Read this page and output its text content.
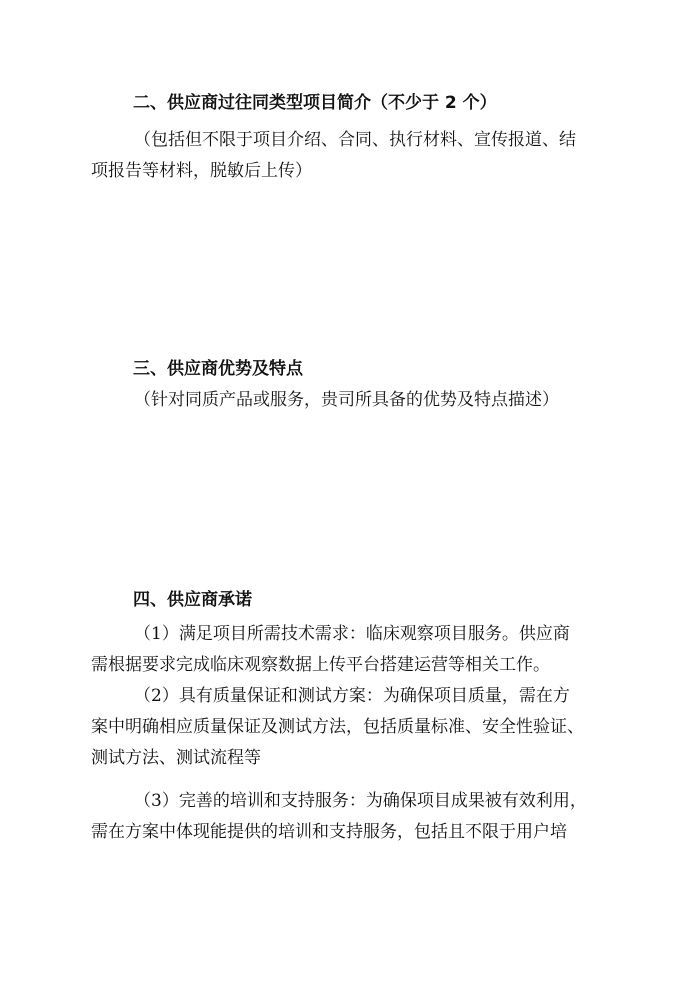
二、供应商过往同类型项目简介（不少于 2 个）
（包括但不限于项目介绍、合同、执行材料、宣传报道、结
项报告等材料，脱敏后上传）
三、供应商优势及特点
（针对同质产品或服务，贵司所具备的优势及特点描述）
四、供应商承诺
（1）满足项目所需技术需求：临床观察项目服务。供应商
需根据要求完成临床观察数据上传平台搭建运营等相关工作。
（2）具有质量保证和测试方案：为确保项目质量，需在方
案中明确相应质量保证及测试方法，包括质量标准、安全性验证、
测试方法、测试流程等
（3）完善的培训和支持服务：为确保项目成果被有效利用，
需在方案中体现能提供的培训和支持服务，包括且不限于用户培
